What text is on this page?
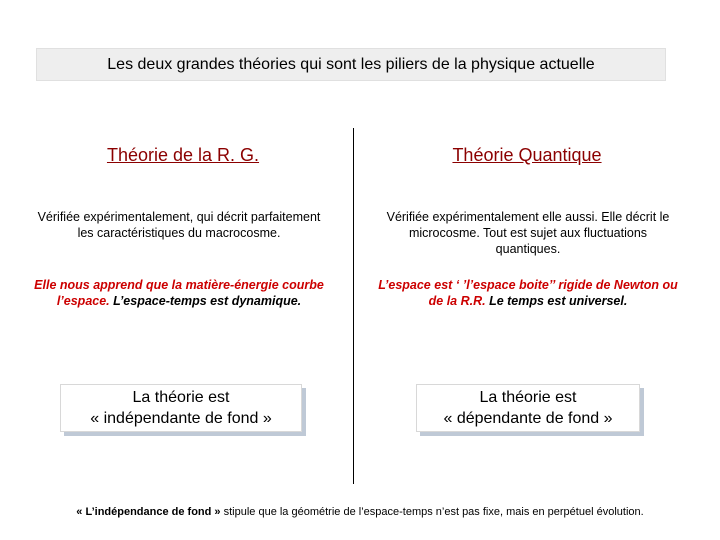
Les deux grandes théories qui sont les piliers de la physique actuelle
Théorie de la R. G.
Vérifiée expérimentalement, qui décrit parfaitement les caractéristiques du macrocosme.
Elle nous apprend que la matière-énergie courbe l’espace. L’espace-temps est dynamique.
La théorie est
« indépendante de fond »
Théorie Quantique
Vérifiée expérimentalement elle aussi. Elle décrit le microcosme. Tout est sujet aux fluctuations quantiques.
L’espace est ‘ ’l’espace boite’’ rigide de Newton ou de la R.R. Le temps est universel.
La théorie est
« dépendante de fond »
« L’indépendance de fond » stipule que la géométrie de l’espace-temps n’est pas fixe, mais en perpétuel évolution.
